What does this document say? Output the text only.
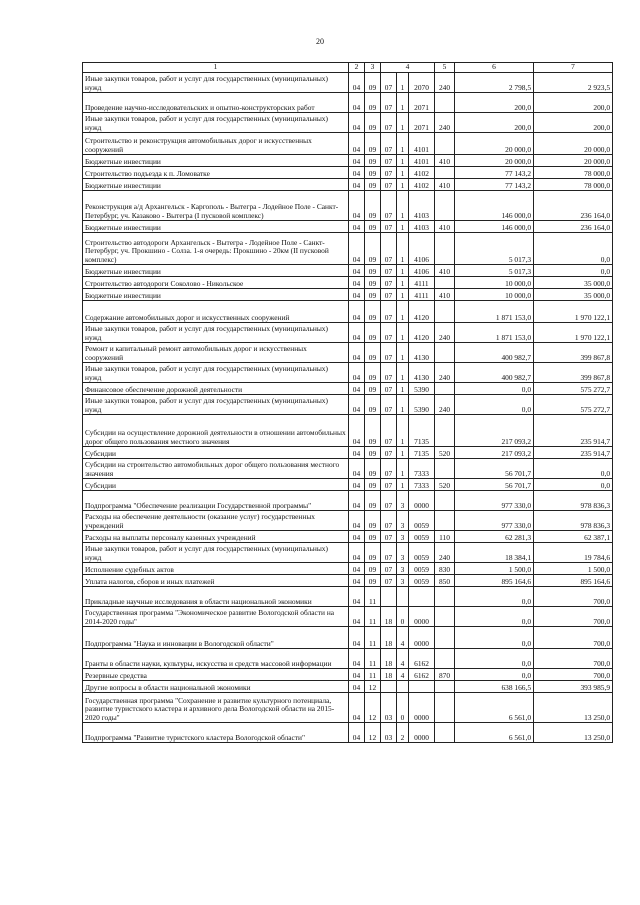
20
1	2	3	4			5	6	7
Иные закупки товаров, работ и услуг для государственных (муниципальных) нужд	04	09	07	1	2070	240	2 798,5	2 923,5
Проведение научно-исследовательских и опытно-конструкторских работ	04	09	07	1	2071		200,0	200,0
Иные закупки товаров, работ и услуг для государственных (муниципальных) нужд	04	09	07	1	2071	240	200,0	200,0
Строительство и реконструкция автомобильных дорог и искусственных сооружений	04	09	07	1	4101		20 000,0	20 000,0
Бюджетные инвестиции	04	09	07	1	4101	410	20 000,0	20 000,0
Строительство подъезда к п. Ломоватке	04	09	07	1	4102		77 143,2	78 000,0
Бюджетные инвестиции	04	09	07	1	4102	410	77 143,2	78 000,0
Реконструкция а/д Архангельск - Каргополь - Вытегра - Лодейное Поле - Санкт-Петербург, уч. Казаково - Вытегра (I пусковой комплекс)	04	09	07	1	4103		146 000,0	236 164,0
Бюджетные инвестиции	04	09	07	1	4103	410	146 000,0	236 164,0
Строительство автодороги Архангельск - Вытегра - Лодейное Поле - Санкт-Петербург, уч. Прокшино - Солза. 1-я очередь: Прокшино - 20км (II пусковой комплекс)	04	09	07	1	4106		5 017,3	0,0
Бюджетные инвестиции	04	09	07	1	4106	410	5 017,3	0,0
Строительство автодороги Соколово - Никольское	04	09	07	1	4111		10 000,0	35 000,0
Бюджетные инвестиции	04	09	07	1	4111	410	10 000,0	35 000,0
Содержание автомобильных дорог и искусственных сооружений	04	09	07	1	4120		1 871 153,0	1 970 122,1
Иные закупки товаров, работ и услуг для государственных (муниципальных) нужд	04	09	07	1	4120	240	1 871 153,0	1 970 122,1
Ремонт и капитальный ремонт автомобильных дорог и искусственных сооружений	04	09	07	1	4130		400 982,7	399 867,8
Иные закупки товаров, работ и услуг для государственных (муниципальных) нужд	04	09	07	1	4130	240	400 982,7	399 867,8
Финансовое обеспечение дорожной деятельности	04	09	07	1	5390		0,0	575 272,7
Иные закупки товаров, работ и услуг для государственных (муниципальных) нужд	04	09	07	1	5390	240	0,0	575 272,7
Субсидии на осуществление дорожной деятельности в отношении автомобильных дорог общего пользования местного значения	04	09	07	1	7135		217 093,2	235 914,7
Субсидии	04	09	07	1	7135	520	217 093,2	235 914,7
Субсидии на строительство автомобильных дорог общего пользования местного значения	04	09	07	1	7333		56 701,7	0,0
Субсидии	04	09	07	1	7333	520	56 701,7	0,0
Подпрограмма "Обеспечение реализации Государственной программы"	04	09	07	3	0000		977 330,0	978 836,3
Расходы на обеспечение деятельности (оказание услуг) государственных учреждений	04	09	07	3	0059		977 330,0	978 836,3
Расходы на выплаты персоналу казенных учреждений	04	09	07	3	0059	110	62 281,3	62 387,1
Иные закупки товаров, работ и услуг для государственных (муниципальных) нужд	04	09	07	3	0059	240	18 384,1	19 784,6
Исполнение судебных актов	04	09	07	3	0059	830	1 500,0	1 500,0
Уплата налогов, сборов и иных платежей	04	09	07	3	0059	850	895 164,6	895 164,6
Прикладные научные исследования в области национальной экономики	04	11					0,0	700,0
Государственная программа "Экономическое развитие Вологодской области на 2014-2020 годы"	04	11	18	0	0000		0,0	700,0
Подпрограмма "Наука и инновации в Вологодской области"	04	11	18	4	0000		0,0	700,0
Гранты в области науки, культуры, искусства и средств массовой информации	04	11	18	4	6162		0,0	700,0
Резервные средства	04	11	18	4	6162	870	0,0	700,0
Другие вопросы в области национальной экономики	04	12					638 166,5	393 985,9
Государственная программа "Сохранение и развитие культурного потенциала, развитие туристского кластера и архивного дела Вологодской области на 2015-2020 годы"	04	12	03	0	0000		6 561,0	13 250,0
Подпрограмма "Развитие туристского кластера Вологодской области"	04	12	03	2	0000		6 561,0	13 250,0
